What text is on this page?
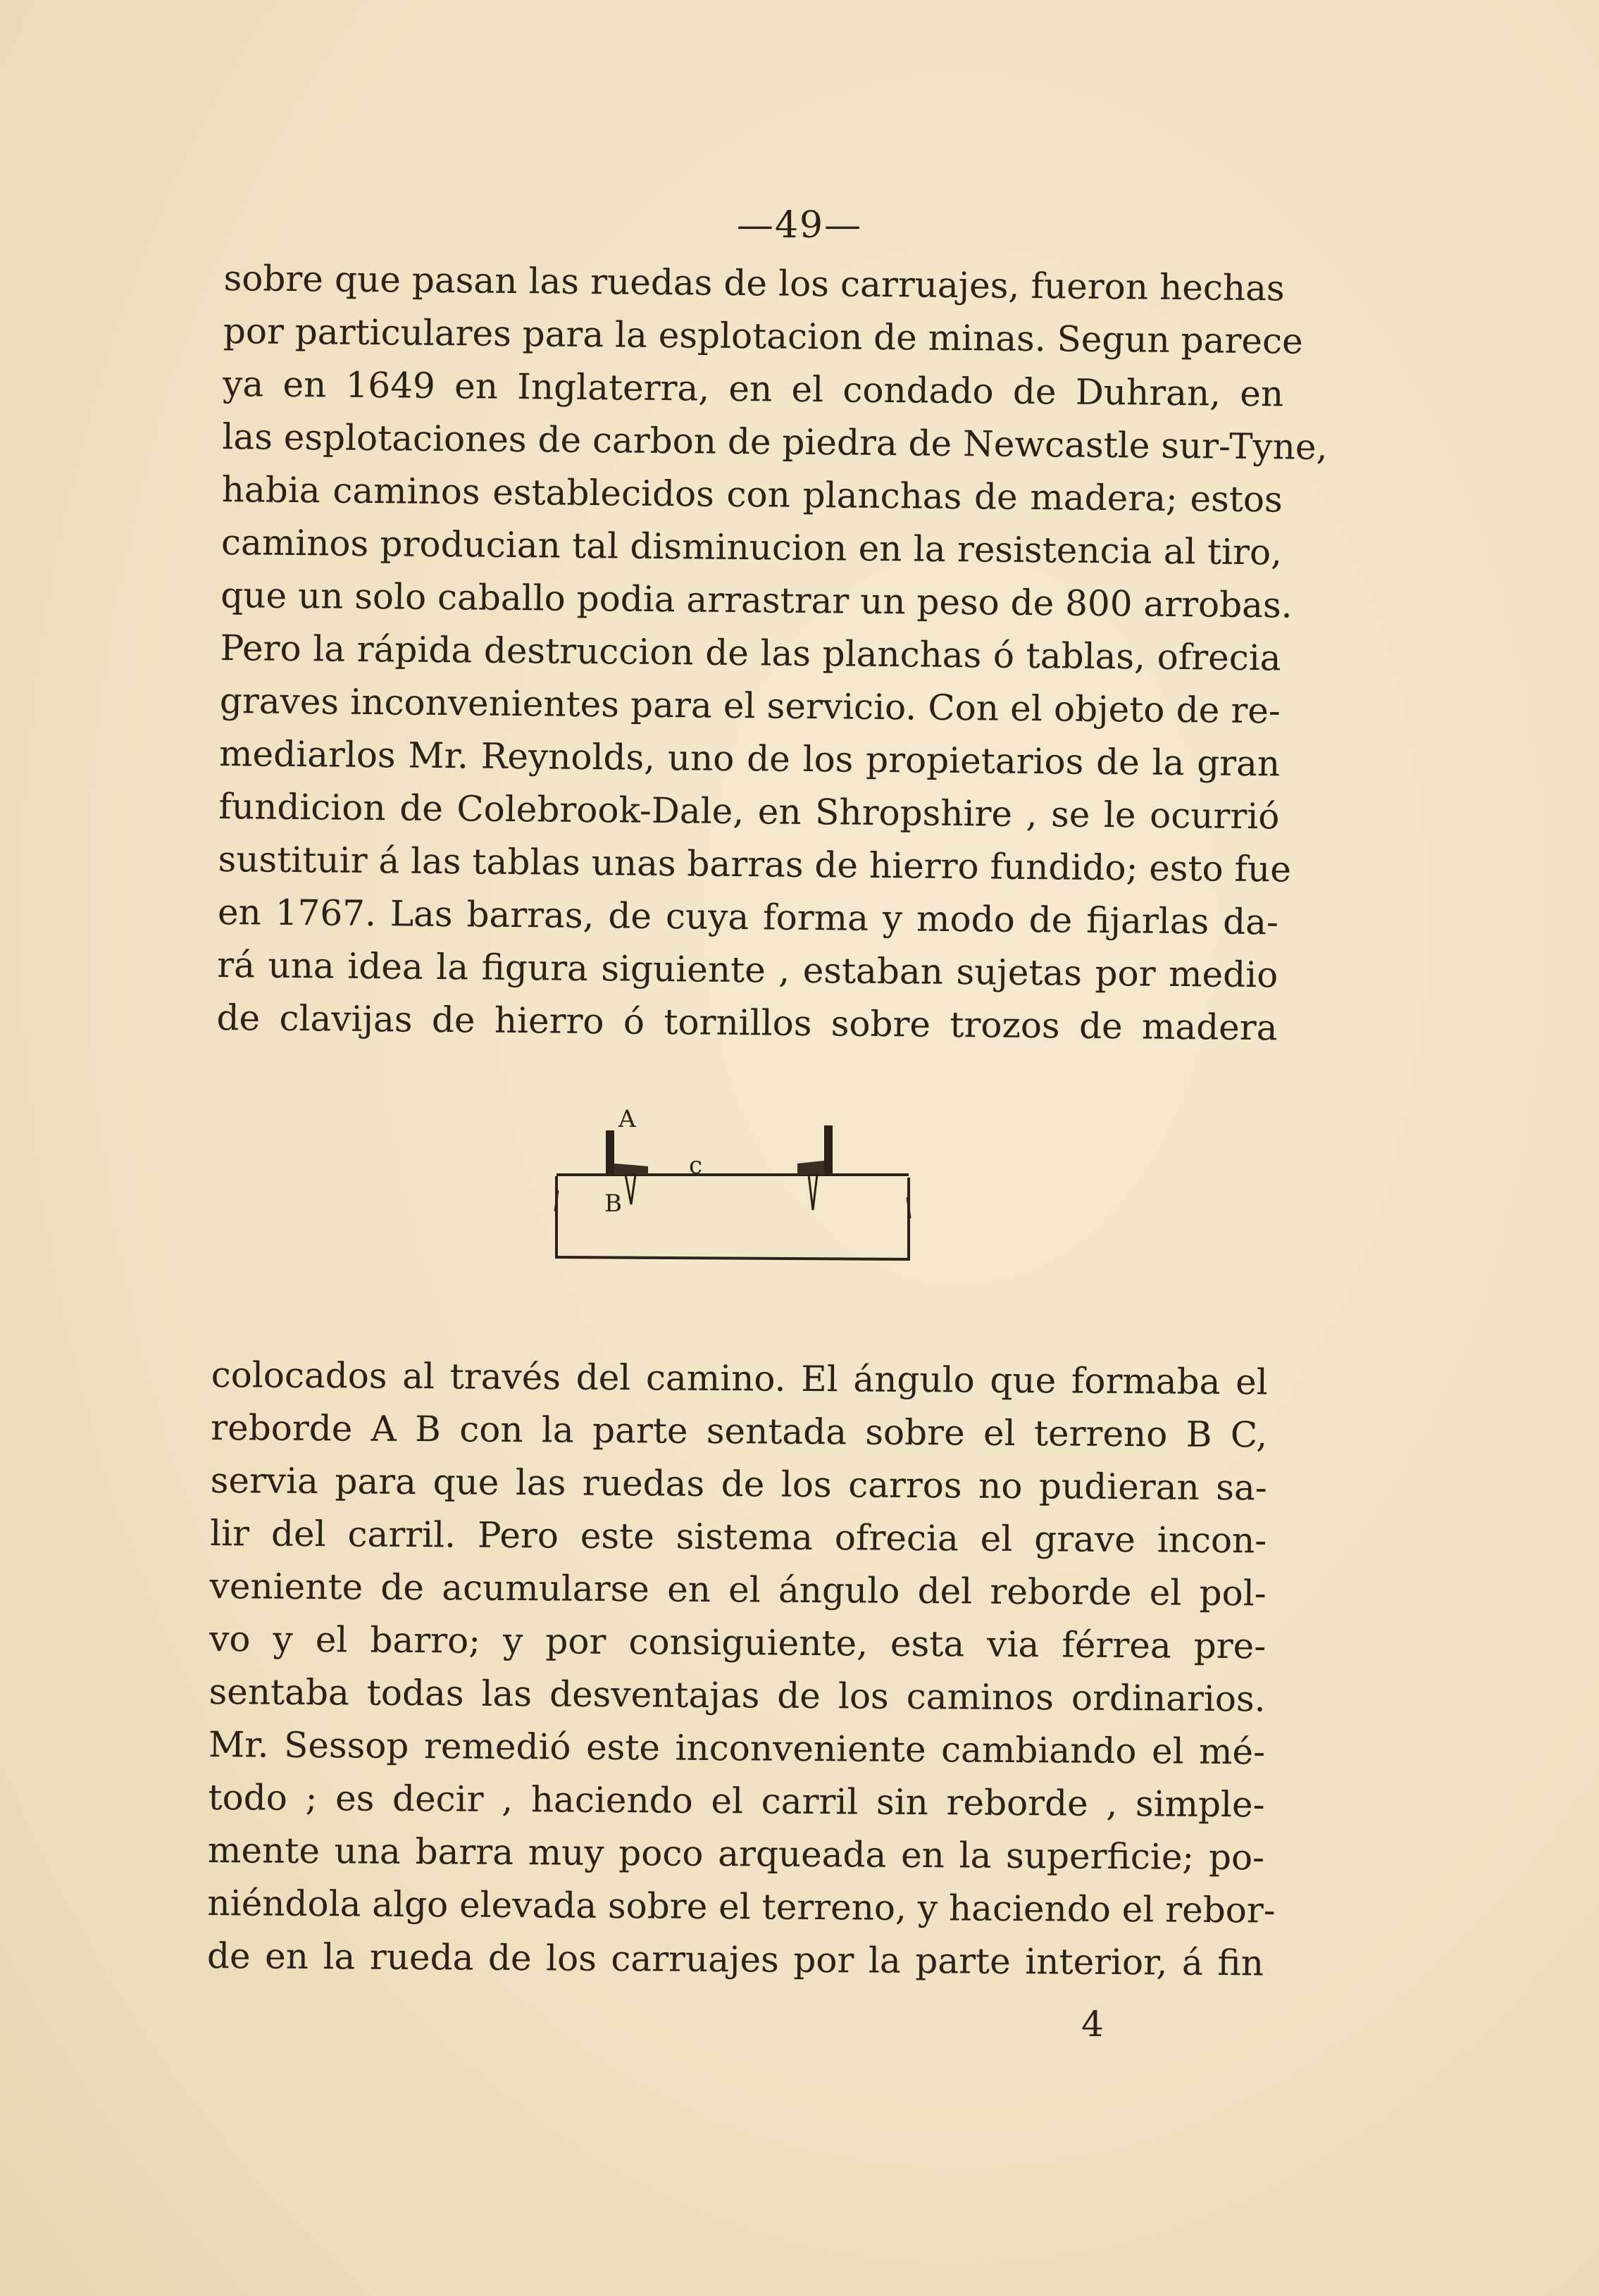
—49—
sobre que pasan las ruedas de los carruajes, fueron hechas
por particulares para la esplotacion de minas. Segun parece
ya en 1649 en Inglaterra, en el condado de Duhran, en
las esplotaciones de carbon de piedra de Newcastle sur-Tyne,
habia caminos establecidos con planchas de madera; estos
caminos producian tal disminucion en la resistencia al tiro,
que un solo caballo podia arrastrar un peso de 800 arrobas.
Pero la rápida destruccion de las planchas ó tablas, ofrecia
graves inconvenientes para el servicio. Con el objeto de re-
mediarlos Mr. Reynolds, uno de los propietarios de la gran
fundicion de Colebrook-Dale, en Shropshire , se le ocurrió
sustituir á las tablas unas barras de hierro fundido; esto fue
en 1767. Las barras, de cuya forma y modo de fijarlas da-
rá una idea la figura siguiente , estaban sujetas por medio
de clavijas de hierro ó tornillos sobre trozos de madera
A
B
c
colocados al través del camino. El ángulo que formaba el
reborde A B con la parte sentada sobre el terreno B C,
servia para que las ruedas de los carros no pudieran sa-
lir del carril. Pero este sistema ofrecia el grave incon-
veniente de acumularse en el ángulo del reborde el pol-
vo y el barro; y por consiguiente, esta via férrea pre-
sentaba todas las desventajas de los caminos ordinarios.
Mr. Sessop remedió este inconveniente cambiando el mé-
todo ; es decir , haciendo el carril sin reborde , simple-
mente una barra muy poco arqueada en la superficie; po-
niéndola algo elevada sobre el terreno, y haciendo el rebor-
de en la rueda de los carruajes por la parte interior, á fin
4
